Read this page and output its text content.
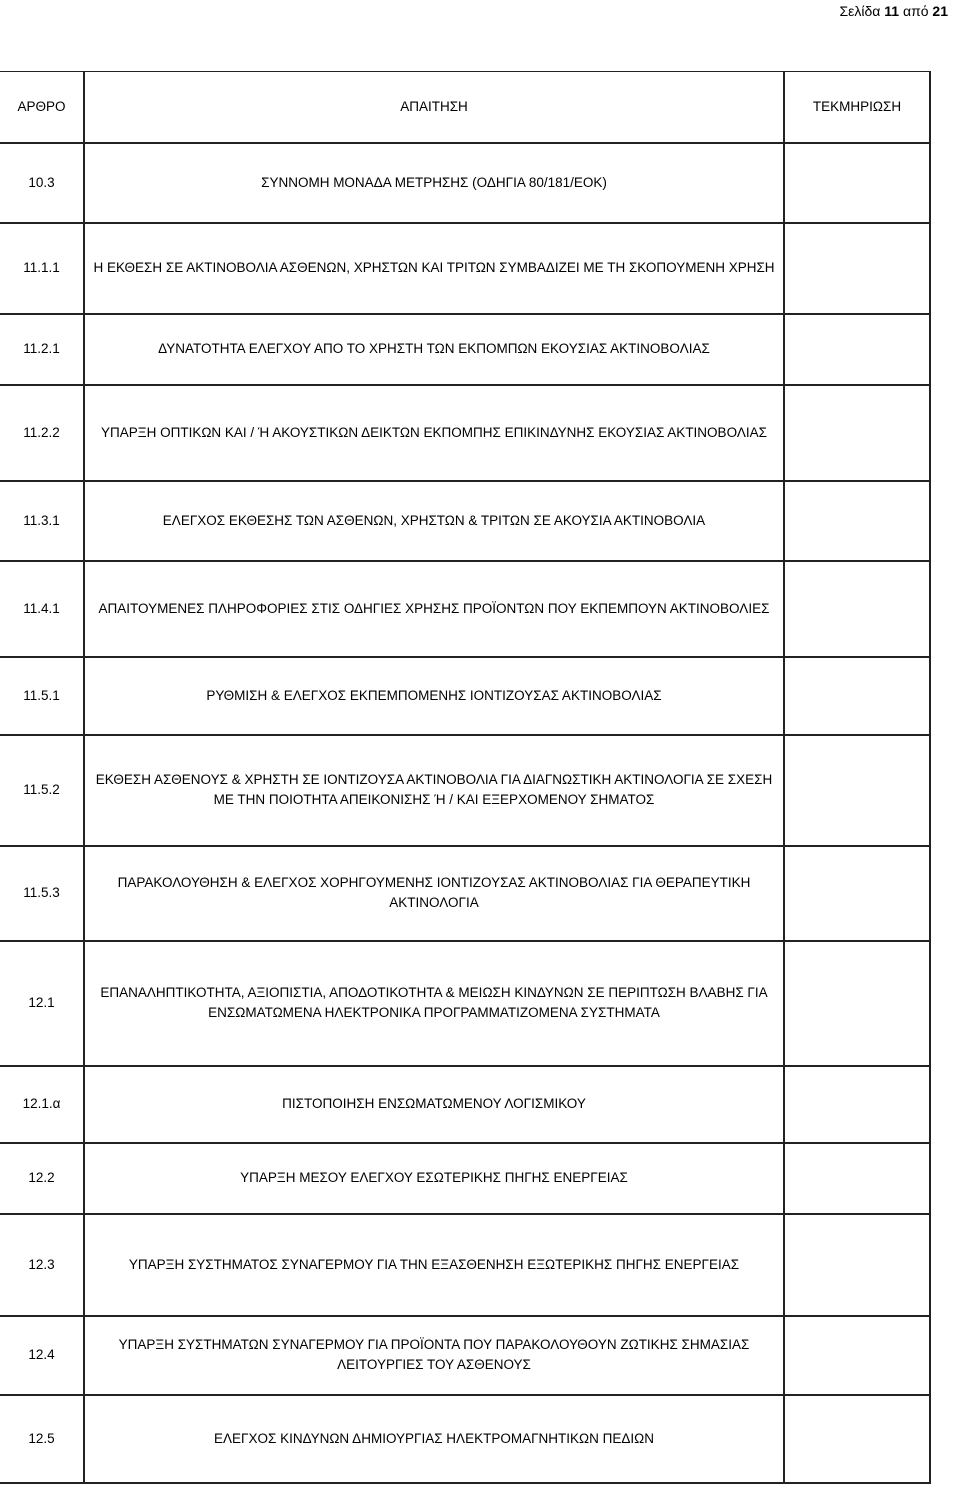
Σελίδα 11 από 21
ΑΡΘΡΟ	ΑΠΑΙΤΗΣΗ	ΤΕΚΜΗΡΙΩΣΗ
10.3	ΣΥΝΝΟΜΗ ΜΟΝΑΔΑ ΜΕΤΡΗΣΗΣ (ΟΔΗΓΙΑ 80/181/ΕΟΚ)	

11.1.1	Η ΕΚΘΕΣΗ ΣΕ ΑΚΤΙΝΟΒΟΛΙΑ ΑΣΘΕΝΩΝ, ΧΡΗΣΤΩΝ ΚΑΙ ΤΡΙΤΩΝ ΣΥΜΒΑΔΙΖΕΙ ΜΕ ΤΗ ΣΚΟΠΟΥΜΕΝΗ ΧΡΗΣΗ	

11.2.1	ΔΥΝΑΤΟΤΗΤΑ ΕΛΕΓΧΟΥ ΑΠΟ ΤΟ ΧΡΗΣΤΗ ΤΩΝ ΕΚΠΟΜΠΩΝ ΕΚΟΥΣΙΑΣ ΑΚΤΙΝΟΒΟΛΙΑΣ	

11.2.2	ΥΠΑΡΞΗ ΟΠΤΙΚΩΝ ΚΑΙ / Ή ΑΚΟΥΣΤΙΚΩΝ ΔΕΙΚΤΩΝ ΕΚΠΟΜΠΗΣ ΕΠΙΚΙΝΔΥΝΗΣ ΕΚΟΥΣΙΑΣ ΑΚΤΙΝΟΒΟΛΙΑΣ	

11.3.1	ΕΛΕΓΧΟΣ ΕΚΘΕΣΗΣ ΤΩΝ ΑΣΘΕΝΩΝ, ΧΡΗΣΤΩΝ & ΤΡΙΤΩΝ ΣΕ ΑΚΟΥΣΙΑ ΑΚΤΙΝΟΒΟΛΙΑ	

11.4.1	ΑΠΑΙΤΟΥΜΕΝΕΣ ΠΛΗΡΟΦΟΡΙΕΣ ΣΤΙΣ ΟΔΗΓΙΕΣ ΧΡΗΣΗΣ ΠΡΟΪΟΝΤΩΝ ΠΟΥ ΕΚΠΕΜΠΟΥΝ ΑΚΤΙΝΟΒΟΛΙΕΣ	

11.5.1	ΡΥΘΜΙΣΗ & ΕΛΕΓΧΟΣ ΕΚΠΕΜΠΟΜΕΝΗΣ ΙΟΝΤΙΖΟΥΣΑΣ ΑΚΤΙΝΟΒΟΛΙΑΣ	

11.5.2	ΕΚΘΕΣΗ ΑΣΘΕΝΟΥΣ & ΧΡΗΣΤΗ ΣΕ ΙΟΝΤΙΖΟΥΣΑ ΑΚΤΙΝΟΒΟΛΙΑ ΓΙΑ ΔΙΑΓΝΩΣΤΙΚΗ ΑΚΤΙΝΟΛΟΓΙΑ ΣΕ ΣΧΕΣΗ ΜΕ ΤΗΝ ΠΟΙΟΤΗΤΑ ΑΠΕΙΚΟΝΙΣΗΣ Ή / ΚΑΙ ΕΞΕΡΧΟΜΕΝΟΥ ΣΗΜΑΤΟΣ	

11.5.3	ΠΑΡΑΚΟΛΟΥΘΗΣΗ & ΕΛΕΓΧΟΣ ΧΟΡΗΓΟΥΜΕΝΗΣ ΙΟΝΤΙΖΟΥΣΑΣ ΑΚΤΙΝΟΒΟΛΙΑΣ ΓΙΑ ΘΕΡΑΠΕΥΤΙΚΗ ΑΚΤΙΝΟΛΟΓΙΑ	

12.1	ΕΠΑΝΑΛΗΠΤΙΚΟΤΗΤΑ, ΑΞΙΟΠΙΣΤΙΑ, ΑΠΟΔΟΤΙΚΟΤΗΤΑ & ΜΕΙΩΣΗ ΚΙΝΔΥΝΩΝ ΣΕ ΠΕΡΙΠΤΩΣΗ ΒΛΑΒΗΣ ΓΙΑ ΕΝΣΩΜΑΤΩΜΕΝΑ ΗΛΕΚΤΡΟΝΙΚΑ ΠΡΟΓΡΑΜΜΑΤΙΖΟΜΕΝΑ ΣΥΣΤΗΜΑΤΑ	

12.1.α	ΠΙΣΤΟΠΟΙΗΣΗ ΕΝΣΩΜΑΤΩΜΕΝΟΥ ΛΟΓΙΣΜΙΚΟΥ	

12.2	ΥΠΑΡΞΗ ΜΕΣΟΥ ΕΛΕΓΧΟΥ ΕΣΩΤΕΡΙΚΗΣ ΠΗΓΗΣ ΕΝΕΡΓΕΙΑΣ	

12.3	ΥΠΑΡΞΗ ΣΥΣΤΗΜΑΤΟΣ ΣΥΝΑΓΕΡΜΟΥ ΓΙΑ ΤΗΝ ΕΞΑΣΘΕΝΗΣΗ ΕΞΩΤΕΡΙΚΗΣ ΠΗΓΗΣ ΕΝΕΡΓΕΙΑΣ	

12.4	ΥΠΑΡΞΗ ΣΥΣΤΗΜΑΤΩΝ ΣΥΝΑΓΕΡΜΟΥ ΓΙΑ ΠΡΟΪΟΝΤΑ ΠΟΥ ΠΑΡΑΚΟΛΟΥΘΟΥΝ ΖΩΤΙΚΗΣ ΣΗΜΑΣΙΑΣ ΛΕΙΤΟΥΡΓΙΕΣ ΤΟΥ ΑΣΘΕΝΟΥΣ	

12.5	ΕΛΕΓΧΟΣ ΚΙΝΔΥΝΩΝ ΔΗΜΙΟΥΡΓΙΑΣ ΗΛΕΚΤΡΟΜΑΓΝΗΤΙΚΩΝ ΠΕΔΙΩΝ	
